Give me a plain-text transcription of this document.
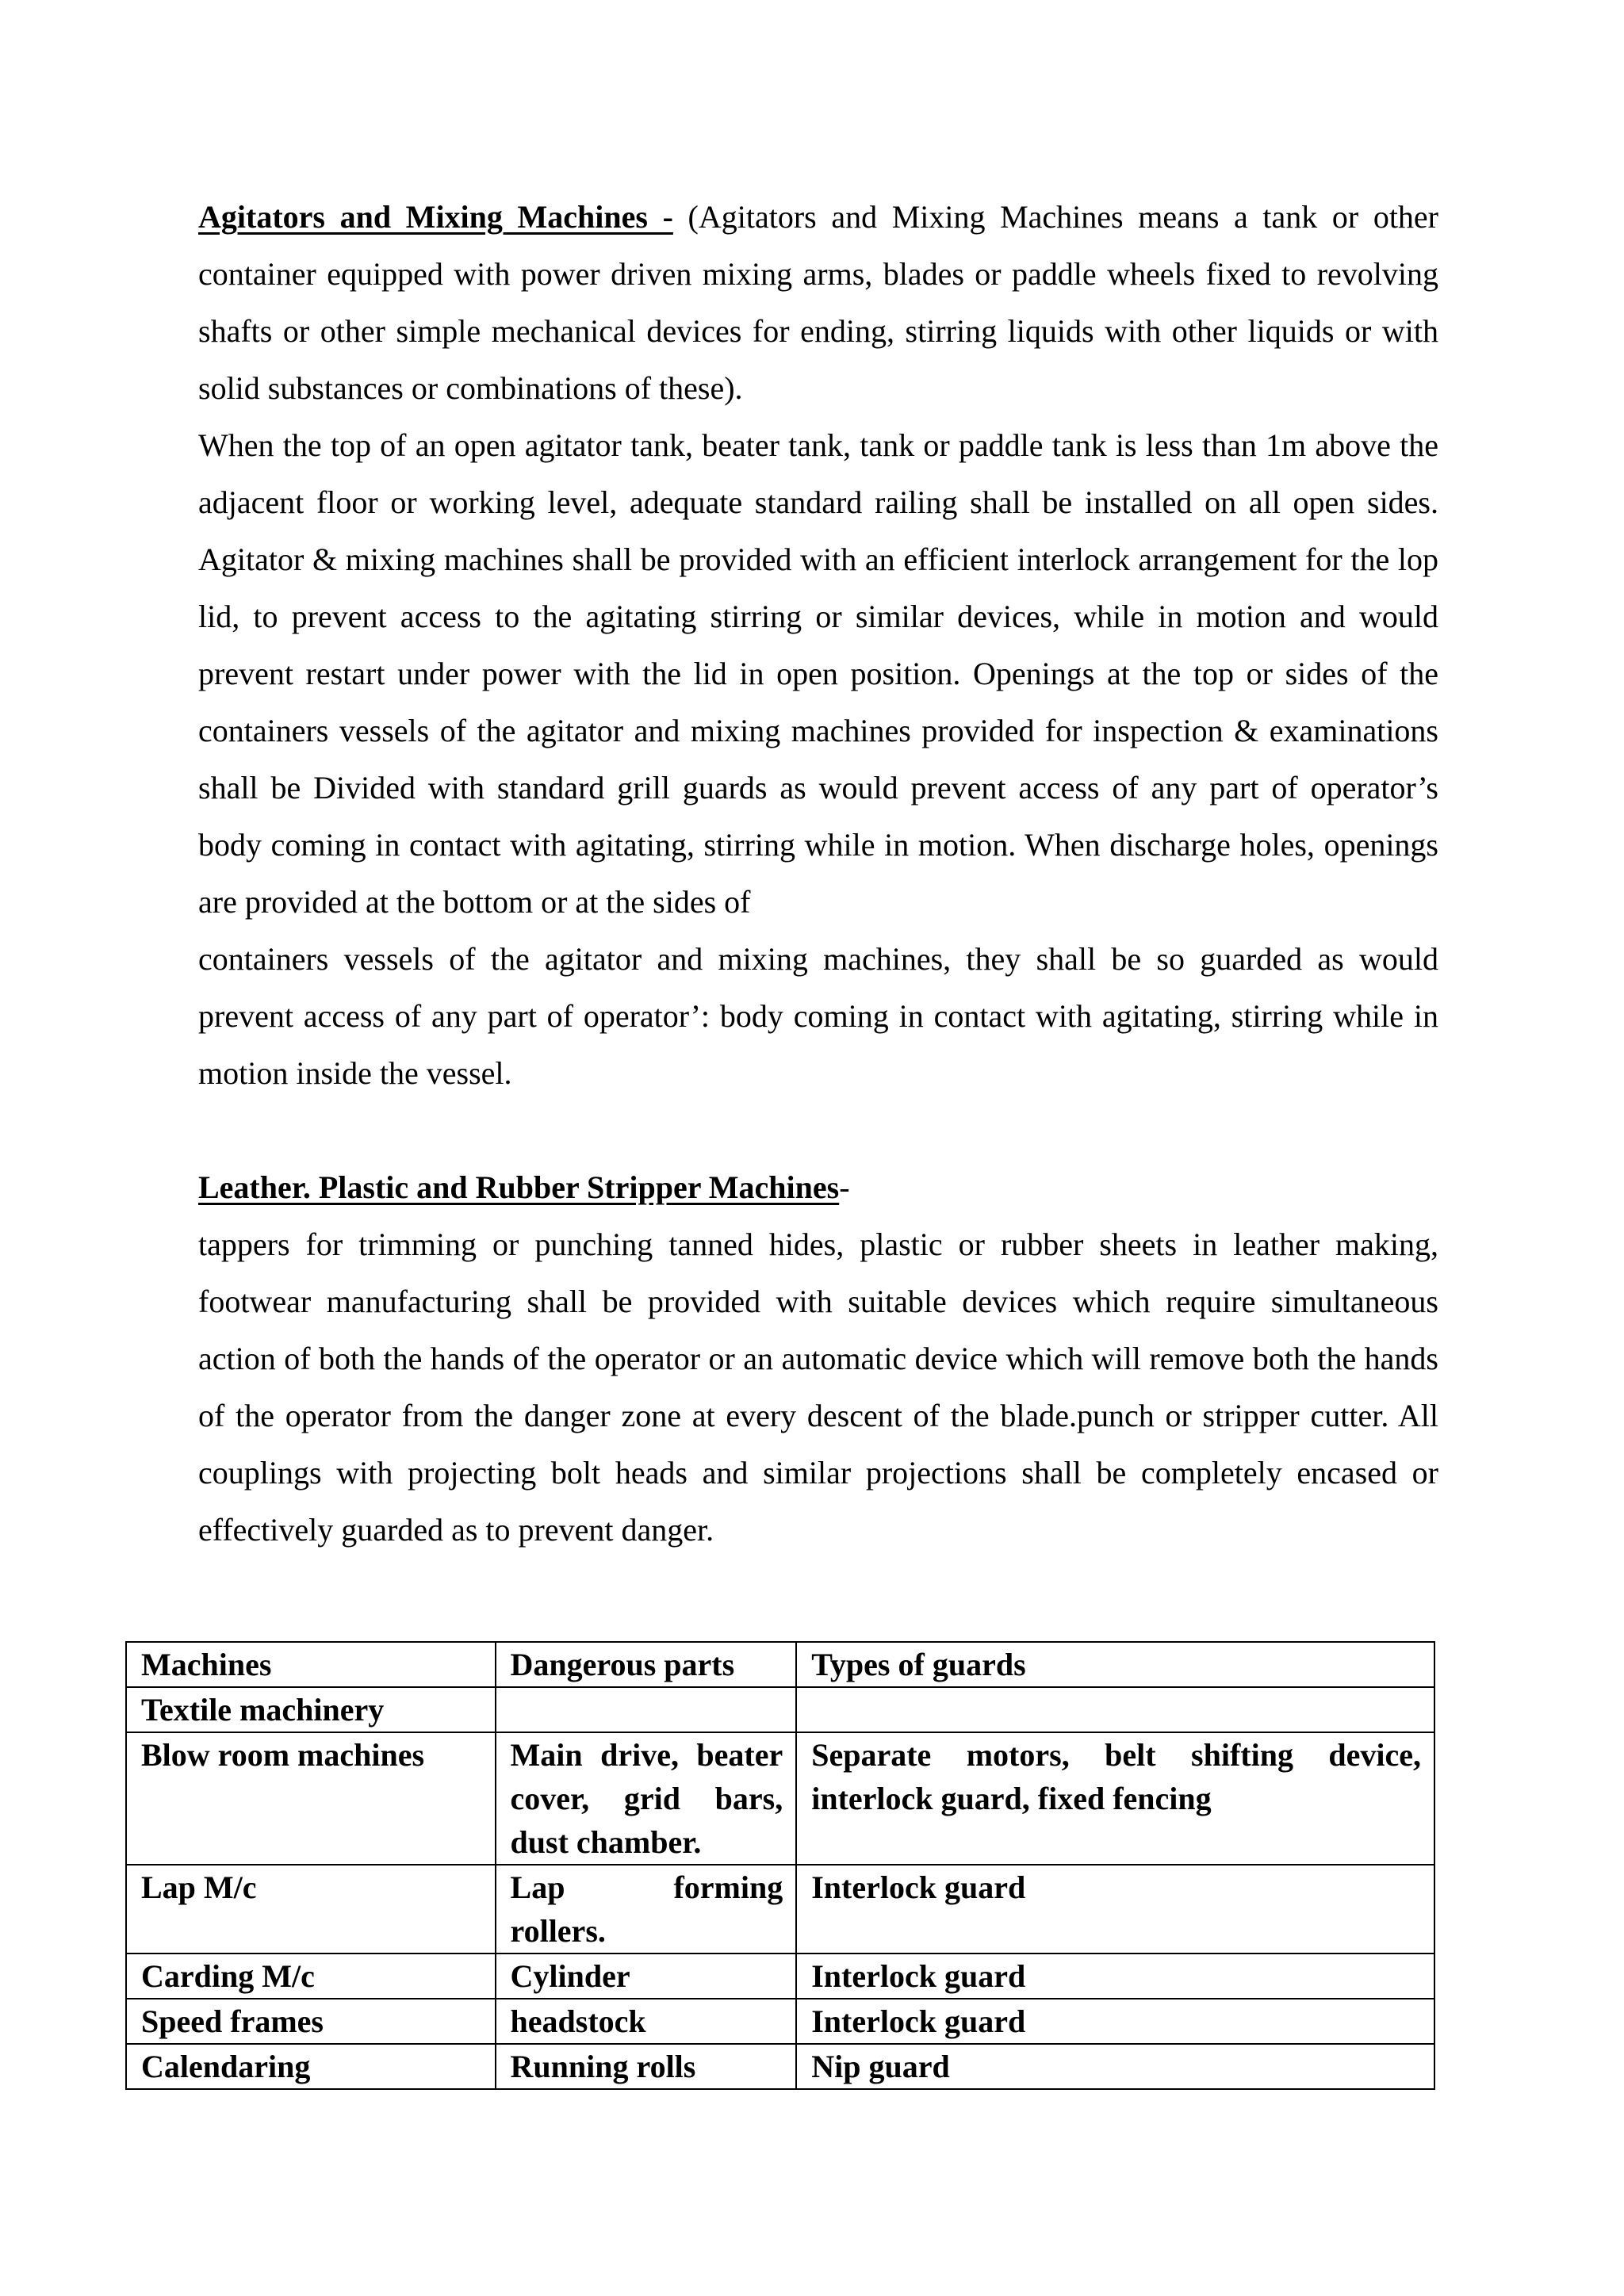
Agitators and Mixing Machines - (Agitators and Mixing Machines means a tank or other container equipped with power driven mixing arms, blades or paddle wheels fixed to revolving shafts or other simple mechanical devices for ending, stirring liquids with other liquids or with solid substances or combinations of these).

When the top of an open agitator tank, beater tank, tank or paddle tank is less than 1m above the adjacent floor or working level, adequate standard railing shall be installed on all open sides. Agitator & mixing machines shall be provided with an efficient interlock arrangement for the lop lid, to prevent access to the agitating stirring or similar devices, while in motion and would prevent restart under power with the lid in open position. Openings at the top or sides of the containers vessels of the agitator and mixing machines provided for inspection & examinations shall be Divided with standard grill guards as would prevent access of any part of operator’s body coming in contact with agitating, stirring while in motion. When discharge holes, openings are provided at the bottom or at the sides of

containers vessels of the agitator and mixing machines, they shall be so guarded as would prevent access of any part of operator’: body coming in contact with agitating, stirring while in motion inside the vessel.

Leather. Plastic and Rubber Stripper Machines-

tappers for trimming or punching tanned hides, plastic or rubber sheets in leather making, footwear manufacturing shall be provided with suitable devices which require simultaneous action of both the hands of the operator or an automatic device which will remove both the hands of the operator from the danger zone at every descent of the blade.punch or stripper cutter. All couplings with projecting bolt heads and similar projections shall be completely encased or effectively guarded as to prevent danger.

Machines	Dangerous parts	Types of guards
Textile machinery		
Blow room machines	Main drive, beater cover, grid bars, dust chamber.	Separate motors, belt shifting device, interlock guard, fixed fencing
Lap M/c	Lap forming rollers.	Interlock guard
Carding M/c	Cylinder	Interlock guard
Speed frames	headstock	Interlock guard
Calendaring	Running rolls	Nip guard
